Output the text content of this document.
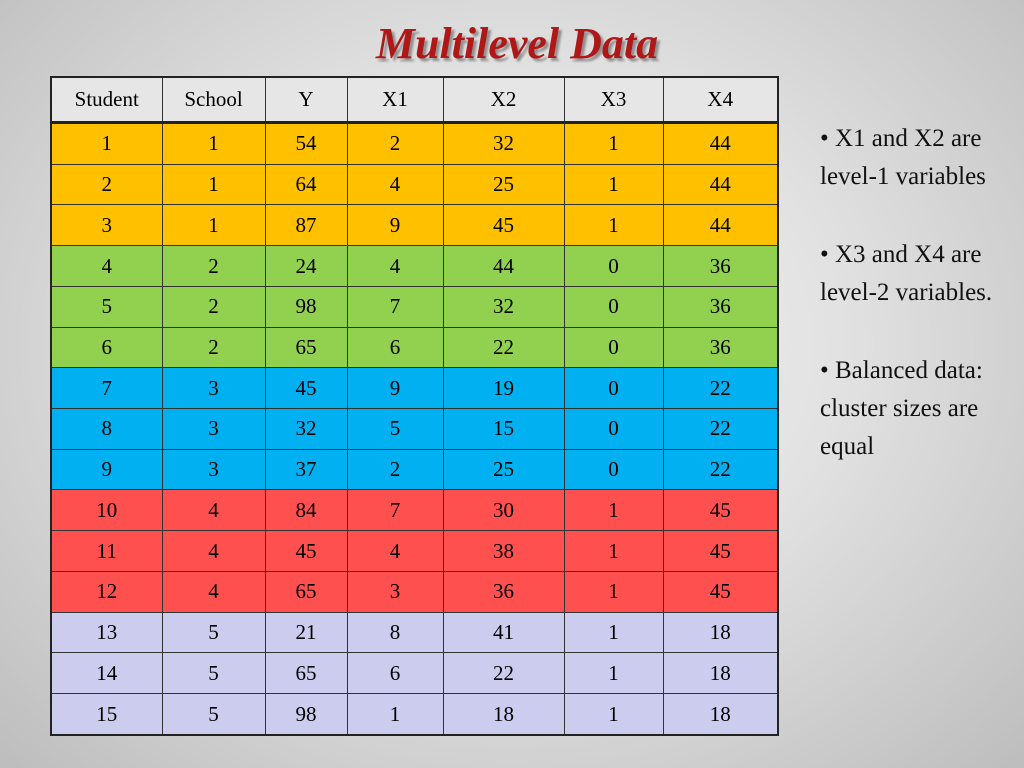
Multilevel Data
Student	School	Y	X1	X2	X3	X4
1	1	54	2	32	1	44
2	1	64	4	25	1	44
3	1	87	9	45	1	44
4	2	24	4	44	0	36
5	2	98	7	32	0	36
6	2	65	6	22	0	36
7	3	45	9	19	0	22
8	3	32	5	15	0	22
9	3	37	2	25	0	22
10	4	84	7	30	1	45
11	4	45	4	38	1	45
12	4	65	3	36	1	45
13	5	21	8	41	1	18
14	5	65	6	22	1	18
15	5	98	1	18	1	18

• X1 and X2 are level-1 variables

• X3 and X4 are level-2 variables.

• Balanced data: cluster sizes are equal
